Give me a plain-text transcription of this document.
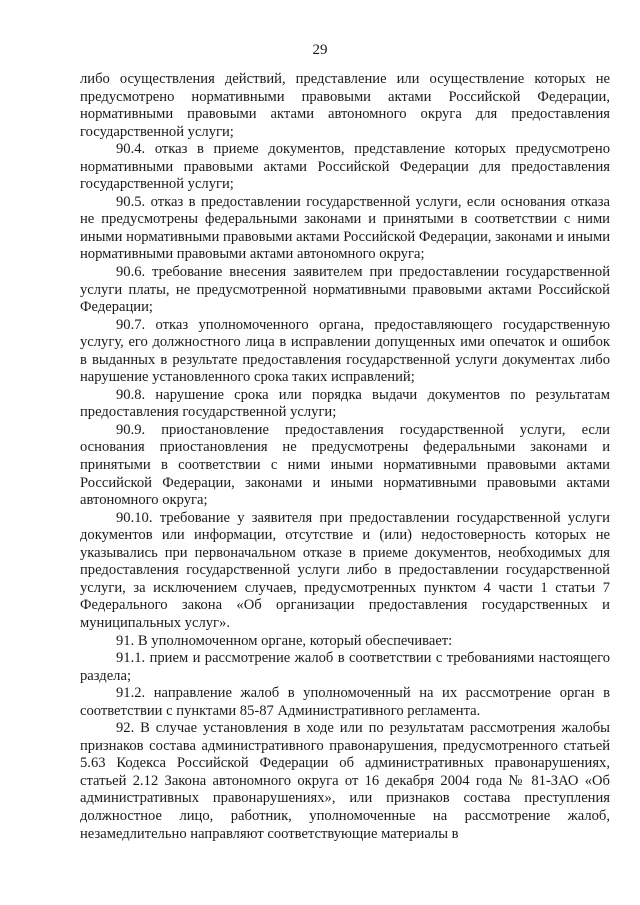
29

либо осуществления действий, представление или осуществление которых не предусмотрено нормативными правовыми актами Российской Федерации, нормативными правовыми актами автономного округа для предоставления государственной услуги;

90.4. отказ в приеме документов, представление которых предусмотрено нормативными правовыми актами Российской Федерации для предоставления государственной услуги;

90.5. отказ в предоставлении государственной услуги, если основания отказа не предусмотрены федеральными законами и принятыми в соответствии с ними иными нормативными правовыми актами Российской Федерации, законами и иными нормативными правовыми актами автономного округа;

90.6. требование внесения заявителем при предоставлении государственной услуги платы, не предусмотренной нормативными правовыми актами Российской Федерации;

90.7. отказ уполномоченного органа, предоставляющего государственную услугу, его должностного лица в исправлении допущенных ими опечаток и ошибок в выданных в результате предоставления государственной услуги документах либо нарушение установленного срока таких исправлений;

90.8. нарушение срока или порядка выдачи документов по результатам предоставления государственной услуги;

90.9. приостановление предоставления государственной услуги, если основания приостановления не предусмотрены федеральными законами и принятыми в соответствии с ними иными нормативными правовыми актами Российской Федерации, законами и иными нормативными правовыми актами автономного округа;

90.10. требование у заявителя при предоставлении государственной услуги документов или информации, отсутствие и (или) недостоверность которых не указывались при первоначальном отказе в приеме документов, необходимых для предоставления государственной услуги либо в предоставлении государственной услуги, за исключением случаев, предусмотренных пунктом 4 части 1 статьи 7 Федерального закона «Об организации предоставления государственных и муниципальных услуг».

91. В уполномоченном органе, который обеспечивает:

91.1. прием и рассмотрение жалоб в соответствии с требованиями настоящего раздела;

91.2. направление жалоб в уполномоченный на их рассмотрение орган в соответствии с пунктами 85-87 Административного регламента.

92. В случае установления в ходе или по результатам рассмотрения жалобы признаков состава административного правонарушения, предусмотренного статьей 5.63 Кодекса Российской Федерации об административных правонарушениях, статьей 2.12 Закона автономного округа от 16 декабря 2004 года № 81-ЗАО «Об административных правонарушениях», или признаков состава преступления должностное лицо, работник, уполномоченные на рассмотрение жалоб, незамедлительно направляют соответствующие материалы в
